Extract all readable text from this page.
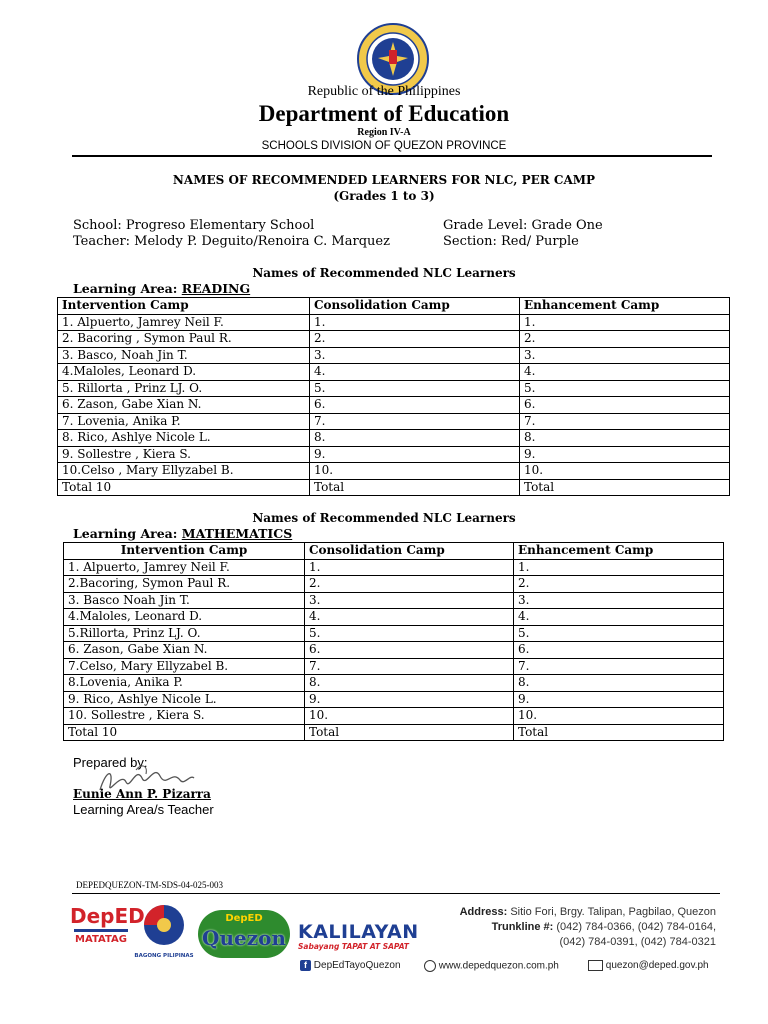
Republic of the Philippines
Department of Education
Region IV-A
SCHOOLS DIVISION OF QUEZON PROVINCE
NAMES OF RECOMMENDED LEARNERS FOR NLC, PER CAMP
(Grades 1 to 3)
School: Progreso Elementary School
Teacher: Melody P. Deguito/Renoira C. Marquez
Grade Level: Grade One
Section: Red/ Purple
Names of Recommended NLC Learners
Learning Area: READING
Intervention Camp	Consolidation Camp	Enhancement Camp
1. Alpuerto, Jamrey Neil F.	1.	1.
2. Bacoring , Symon Paul R.	2.	2.
3. Basco, Noah Jin T.	3.	3.
4.Maloles, Leonard D.	4.	4.
5. Rillorta , Prinz LJ. O.	5.	5.
6. Zason, Gabe Xian N.	6.	6.
7. Lovenia, Anika P.	7.	7.
8. Rico, Ashlye Nicole L.	8.	8.
9. Sollestre , Kiera S.	9.	9.
10.Celso , Mary Ellyzabel B.	10.	10.
Total 10	Total	Total
Names of Recommended NLC Learners
Learning Area: MATHEMATICS
Intervention Camp	Consolidation Camp	Enhancement Camp
1. Alpuerto, Jamrey Neil F.	1.	1.
2.Bacoring, Symon Paul R.	2.	2.
3. Basco Noah Jin T.	3.	3.
4.Maloles, Leonard D.	4.	4.
5.Rillorta, Prinz LJ. O.	5.	5.
6. Zason, Gabe Xian N.	6.	6.
7.Celso, Mary Ellyzabel B.	7.	7.
8.Lovenia, Anika P.	8.	8.
9. Rico, Ashlye Nicole L.	9.	9.
10. Sollestre , Kiera S.	10.	10.
Total 10	Total	Total
Prepared by:
Eunie Ann P. Pizarra
Learning Area/s Teacher
DEPEDQUEZON-TM-SDS-04-025-003
DepED
MATATAG
BAGONG PILIPINAS
DepED
Quezon KALILAYAN
Sabayang TAPAT AT SAPAT
Address: Sitio Fori, Brgy. Talipan, Pagbilao, Quezon
Trunkline #: (042) 784-0366, (042) 784-0164,
(042) 784-0391, (042) 784-0321
f DepEdTayoQuezon	www.depedquezon.com.ph	quezon@deped.gov.ph
